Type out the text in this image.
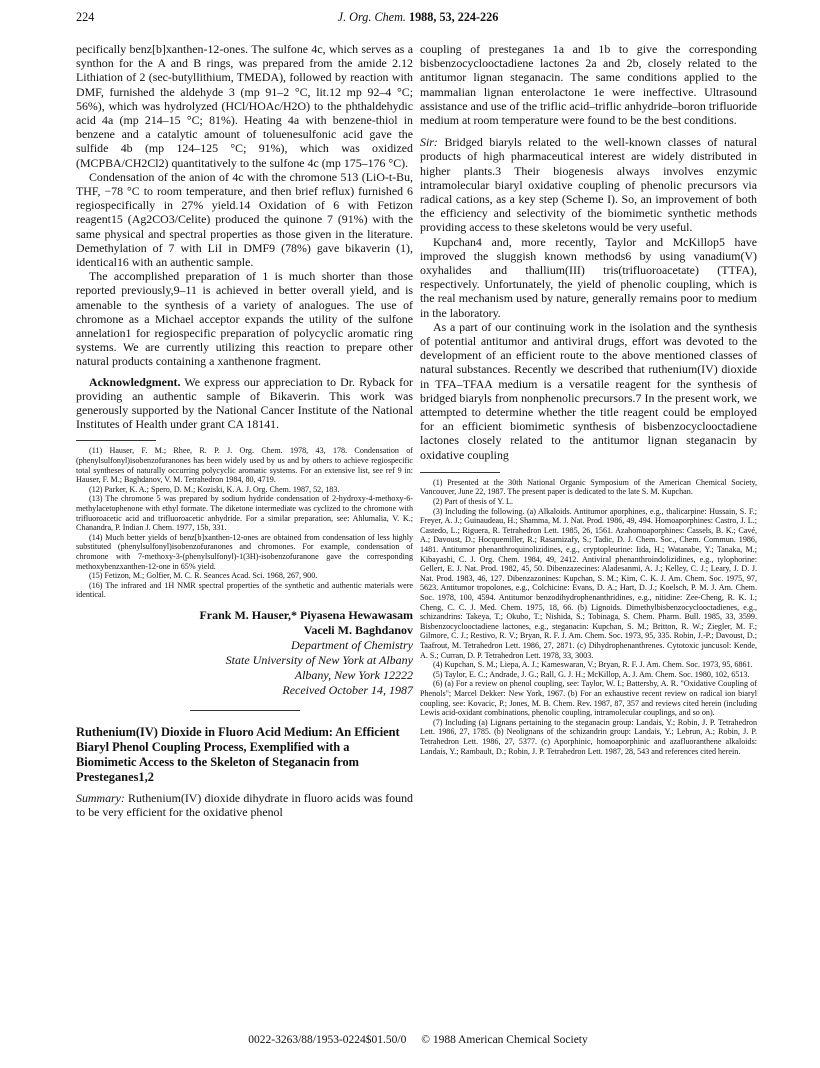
224	J. Org. Chem. 1988, 53, 224-226

pecifically benz[b]xanthen-12-ones. The sulfone 4c, which serves as a synthon for the A and B rings, was prepared from the amide 2.12 Lithiation of 2 (sec-butyllithium, TMEDA), followed by reaction with DMF, furnished the aldehyde 3 (mp 91–2 °C, lit.12 mp 92–4 °C; 56%), which was hydrolyzed (HCl/HOAc/H2O) to the phthaldehydic acid 4a (mp 214–15 °C; 81%). Heating 4a with benzene-thiol in benzene and a catalytic amount of toluenesulfonic acid gave the sulfide 4b (mp 124–125 °C; 91%), which was oxidized (MCPBA/CH2Cl2) quantitatively to the sulfone 4c (mp 175–176 °C).

Condensation of the anion of 4c with the chromone 513 (LiO-t-Bu, THF, −78 °C to room temperature, and then brief reflux) furnished 6 regiospecifically in 27% yield.14 Oxidation of 6 with Fetizon reagent15 (Ag2CO3/Celite) produced the quinone 7 (91%) with the same physical and spectral properties as those given in the literature. Demethylation of 7 with LiI in DMF9 (78%) gave bikaverin (1), identical16 with an authentic sample.

The accomplished preparation of 1 is much shorter than those reported previously,9–11 is achieved in better overall yield, and is amenable to the synthesis of a variety of analogues. The use of chromone as a Michael acceptor expands the utility of the sulfone annelation1 for regiospecific preparation of polycyclic aromatic ring systems. We are currently utilizing this reaction to prepare other natural products containing a xanthenone fragment.

Acknowledgment. We express our appreciation to Dr. Ryback for providing an authentic sample of Bikaverin. This work was generously supported by the National Cancer Institute of the National Institutes of Health under grant CA 18141.

(11) Hauser, F. M.; Rhee, R. P. J. Org. Chem. 1978, 43, 178. Condensation of (phenylsulfonyl)isobenzofuranones has been widely used by us and by others to achieve regiospecific total syntheses of naturally occurring polycyclic aromatic systems. For an extensive list, see ref 9 in: Hauser, F. M.; Baghdanov, V. M. Tetrahedron 1984, 80, 4719.

(12) Parker, K. A.; Spero, D. M.; Koziski, K. A. J. Org. Chem. 1987, 52, 183.

(13) The chromone 5 was prepared by sodium hydride condensation of 2-hydroxy-4-methoxy-6-methylacetophenone with ethyl formate. The diketone intermediate was cyclized to the chromone with trifluoroacetic acid and trifluoroacetic anhydride. For a similar preparation, see: Ahlumalia, V. K.; Chanandra, P. Indian J. Chem. 1977, 15b, 331.

(14) Much better yields of benz[b]xanthen-12-ones are obtained from condensation of less highly substituted (phenylsulfonyl)isobenzofuranones and chromones. For example, condensation of chromone with 7-methoxy-3-(phenylsulfonyl)-1(3H)-isobenzofuranone gave the corresponding methoxybenzxanthen-12-one in 65% yield.

(15) Fetizon, M.; Golfier, M. C. R. Seances Acad. Sci. 1968, 267, 900.

(16) The infrared and 1H NMR spectral properties of the synthetic and authentic materials were identical.

Frank M. Hauser,* Piyasena Hewawasam
Vaceli M. Baghdanov
Department of Chemistry
State University of New York at Albany
Albany, New York 12222
Received October 14, 1987

Ruthenium(IV) Dioxide in Fluoro Acid Medium: An Efficient Biaryl Phenol Coupling Process, Exemplified with a Biomimetic Access to the Skeleton of Steganacin from Presteganes1,2

Summary: Ruthenium(IV) dioxide dihydrate in fluoro acids was found to be very efficient for the oxidative phenol

coupling of presteganes 1a and 1b to give the corresponding bisbenzocyclooctadiene lactones 2a and 2b, closely related to the antitumor lignan steganacin. The same conditions applied to the mammalian lignan enterolactone 1e were ineffective. Ultrasound assistance and use of the triflic acid–triflic anhydride–boron trifluoride medium at room temperature were found to be the best conditions.

Sir: Bridged biaryls related to the well-known classes of natural products of high pharmaceutical interest are widely distributed in higher plants.3 Their biogenesis always involves enzymic intramolecular biaryl oxidative coupling of phenolic precursors via radical cations, as a key step (Scheme I). So, an improvement of both the efficiency and selectivity of the biomimetic synthetic methods providing access to these skeletons would be very useful.

Kupchan4 and, more recently, Taylor and McKillop5 have improved the sluggish known methods6 by using vanadium(V) oxyhalides and thallium(III) tris(trifluoroacetate) (TTFA), respectively. Unfortunately, the yield of phenolic coupling, which is the real mechanism used by nature, generally remains poor to medium in the laboratory.

As a part of our continuing work in the isolation and the synthesis of potential antitumor and antiviral drugs, effort was devoted to the development of an efficient route to the above mentioned classes of natural substances. Recently we described that ruthenium(IV) dioxide in TFA–TFAA medium is a versatile reagent for the synthesis of bridged biaryls from nonphenolic precursors.7 In the present work, we attempted to determine whether the title reagent could be employed for an efficient biomimetic synthesis of bisbenzocyclooctadiene lactones closely related to the antitumor lignan steganacin by oxidative coupling

(1) Presented at the 30th National Organic Symposium of the American Chemical Society, Vancouver, June 22, 1987. The present paper is dedicated to the late S. M. Kupchan.

(2) Part of thesis of Y. L.

(3) Including the following. (a) Alkaloids. Antitumor aporphines, e.g., thalicarpine: Hussain, S. F.; Freyer, A. J.; Guinaudeau, H.; Shamma, M. J. Nat. Prod. 1986, 49, 494. Homoaporphines: Castro, J. L.; Castedo, L.; Riguera, R. Tetrahedron Lett. 1985, 26, 1561. Azahomoaporphines: Cassels, B. K.; Cavé, A.; Davoust, D.; Hocquemiller, R.; Rasamizafy, S.; Tadic, D. J. Chem. Soc., Chem. Commun. 1986, 1481. Antitumor phenanthroquinolizidines, e.g., cryptopleurine: Iida, H.; Watanabe, Y.; Tanaka, M.; Kibayashi, C. J. Org. Chem. 1984, 49, 2412. Antiviral phenanthroindolizidines, e.g., tylophorine: Gellert, E. J. Nat. Prod. 1982, 45, 50. Dibenzazecines: Aladesanmi, A. J.; Kelley, C. J.; Leary, J. D. J. Nat. Prod. 1983, 46, 127. Dibenzazonines: Kupchan, S. M.; Kim, C. K. J. Am. Chem. Soc. 1975, 97, 5623. Antitumor tropolones, e.g., Colchicine: Evans, D. A.; Hart, D. J.; Koelsch, P. M. J. Am. Chem. Soc. 1978, 100, 4594. Antitumor benzodihydrophenanthridines, e.g., nitidine: Zee-Cheng, R. K. I.; Cheng, C. C. J. Med. Chem. 1975, 18, 66. (b) Lignoids. Dimethylbisbenzocyclooctadienes, e.g., schizandrins: Takeya, T.; Okubo, T.; Nishida, S.; Tobinaga, S. Chem. Pharm. Bull. 1985, 33, 3599. Bisbenzocyclooctadiene lactones, e.g., steganacin: Kupchan, S. M.; Britton, R. W.; Ziegler, M. F.; Gilmore, C. J.; Restivo, R. V.; Bryan, R. F. J. Am. Chem. Soc. 1973, 95, 335. Robin, J.-P.; Davoust, D.; Taafrout, M. Tetrahedron Lett. 1986, 27, 2871. (c) Dihydrophenanthrenes. Cytotoxic juncusol: Kende, A. S.; Curran, D. P. Tetrahedron Lett. 1978, 33, 3003.

(4) Kupchan, S. M.; Liepa, A. J.; Kameswaran, V.; Bryan, R. F. J. Am. Chem. Soc. 1973, 95, 6861.

(5) Taylor, E. C.; Andrade, J. G.; Rall, G. J. H.; McKillop, A. J. Am. Chem. Soc. 1980, 102, 6513.

(6) (a) For a review on phenol coupling, see: Taylor, W. I.; Battersby, A. R. "Oxidative Coupling of Phenols"; Marcel Dekker: New York, 1967. (b) For an exhaustive recent review on radical ion biaryl coupling, see: Kovacic, P.; Jones, M. B. Chem. Rev. 1987, 87, 357 and reviews cited herein (including Lewis acid-oxidant combinations, phenolic coupling, intramolecular couplings, and so on).

(7) Including (a) Lignans pertaining to the steganacin group: Landais, Y.; Robin, J. P. Tetrahedron Lett. 1986, 27, 1785. (b) Neolignans of the schizandrin group: Landais, Y.; Lebrun, A.; Robin, J. P. Tetrahedron Lett. 1986, 27, 5377. (c) Aporphinic, homoaporphinic and azafluoranthene alkaloids: Landais, Y.; Rambault, D.; Robin, J. P. Tetrahedron Lett. 1987, 28, 543 and references cited herein.

0022-3263/88/1953-0224$01.50/0 © 1988 American Chemical Society
